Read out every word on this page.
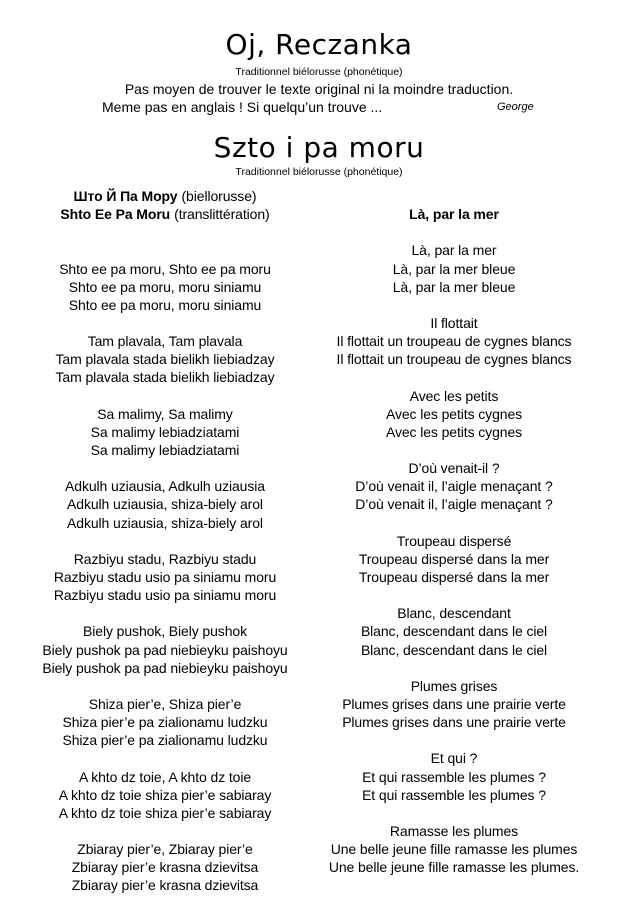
Oj, Reczanka
Traditionnel biélorusse (phonétique)
Pas moyen de trouver le texte original ni la moindre traduction.
Meme pas en anglais ! Si quelqu’un trouve ...	George
Szto i pa moru
Traditionnel biélorusse (phonétique)
Што Й Па Мору (biellorusse)
Shto Ee Pa Moru (translittération)
Shto ee pa moru, Shto ee pa moru
Shto ee pa moru, moru siniamu
Shto ee pa moru, moru siniamu
Tam plavala, Tam plavala
Tam plavala stada bielikh liebiadzay
Tam plavala stada bielikh liebiadzay
Sa malimy, Sa malimy
Sa malimy lebiadziatami
Sa malimy lebiadziatami
Adkulh uziausia, Adkulh uziausia
Adkulh uziausia, shiza-biely arol
Adkulh uziausia, shiza-biely arol
Razbiyu stadu, Razbiyu stadu
Razbiyu stadu usio pa siniamu moru
Razbiyu stadu usio pa siniamu moru
Biely pushok, Biely pushok
Biely pushok pa pad niebieyku paishoyu
Biely pushok pa pad niebieyku paishoyu
Shiza pier’e, Shiza pier’e
Shiza pier’e pa zialionamu ludzku
Shiza pier’e pa zialionamu ludzku
A khto dz toie, A khto dz toie
A khto dz toie shiza pier’e sabiaray
A khto dz toie shiza pier’e sabiaray
Zbiaray pier’e, Zbiaray pier’e
Zbiaray pier’e krasna dzievitsa
Zbiaray pier’e krasna dzievitsa
Là, par la mer
Là, par la mer
Là, par la mer bleue
Là, par la mer bleue
Il flottait
Il flottait un troupeau de cygnes blancs
Il flottait un troupeau de cygnes blancs
Avec les petits
Avec les petits cygnes
Avec les petits cygnes
D’où venait-il ?
D’où venait il, l’aigle menaçant ?
D’où venait il, l’aigle menaçant ?
Troupeau dispersé
Troupeau dispersé dans la mer
Troupeau dispersé dans la mer
Blanc, descendant
Blanc, descendant dans le ciel
Blanc, descendant dans le ciel
Plumes grises
Plumes grises dans une prairie verte
Plumes grises dans une prairie verte
Et qui ?
Et qui rassemble les plumes ?
Et qui rassemble les plumes ?
Ramasse les plumes
Une belle jeune fille ramasse les plumes
Une belle jeune fille ramasse les plumes.
